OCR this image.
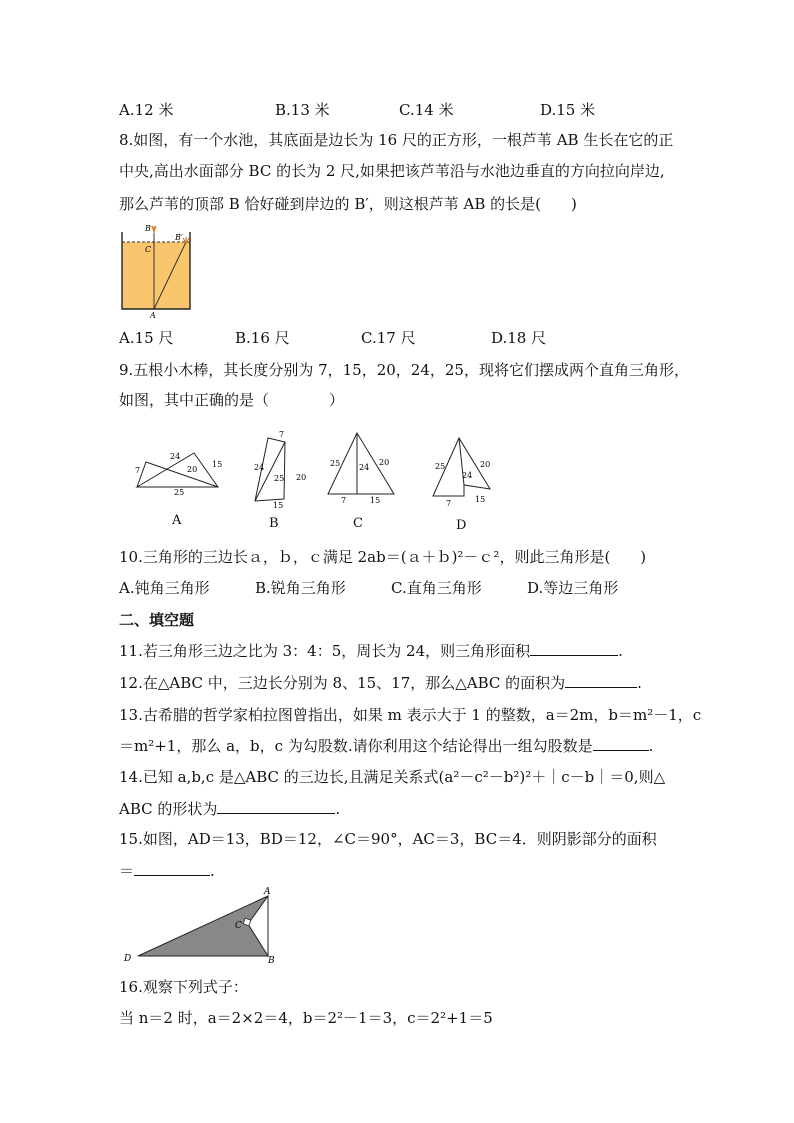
A.12 米	B.13 米	C.14 米	D.15 米
8.如图，有一个水池，其底面是边长为 16 尺的正方形，一根芦苇 AB 生长在它的正
中央,高出水面部分 BC 的长为 2 尺,如果把该芦苇沿与水池边垂直的方向拉向岸边,
那么芦苇的顶部 B 恰好碰到岸边的 B′，则这根芦苇 AB 的长是(　　)
B
B′
C
A
A.15 尺	B.16 尺	C.17 尺	D.18 尺
9.五根小木棒，其长度分别为 7，15，20，24，25，现将它们摆成两个直角三角形，
如图，其中正确的是（　　　　）
7
24
20
15
25
A
7
24
25 20
15
B
25 24
20
7	15
C
25
24
20
7	15
D
10.三角形的三边长ａ，ｂ，ｃ满足 2ab＝(ａ＋ｂ)²－ｃ²，则此三角形是(　　)
A.钝角三角形	B.锐角三角形	C.直角三角形	D.等边三角形
二、填空题
11.若三角形三边之比为 3：4：5，周长为 24，则三角形面积	.
12.在△ABC 中，三边长分别为 8、15、17，那么△ABC 的面积为	.
13.古希腊的哲学家柏拉图曾指出，如果 m 表示大于 1 的整数，a＝2m，b＝m²－1，c
＝m²+1，那么 a，b，c 为勾股数.请你利用这个结论得出一组勾股数是	.
14.已知 a,b,c 是△ABC 的三边长,且满足关系式(a²－c²－b²)²＋｜c－b｜＝0,则△
ABC 的形状为	.
15.如图，AD＝13，BD＝12，∠C＝90°，AC＝3，BC＝4．则阴影部分的面积
＝	.
A
C
D	B
16.观察下列式子：
当 n＝2 时，a＝2×2＝4，b＝2²－1＝3，c＝2²+1＝5
